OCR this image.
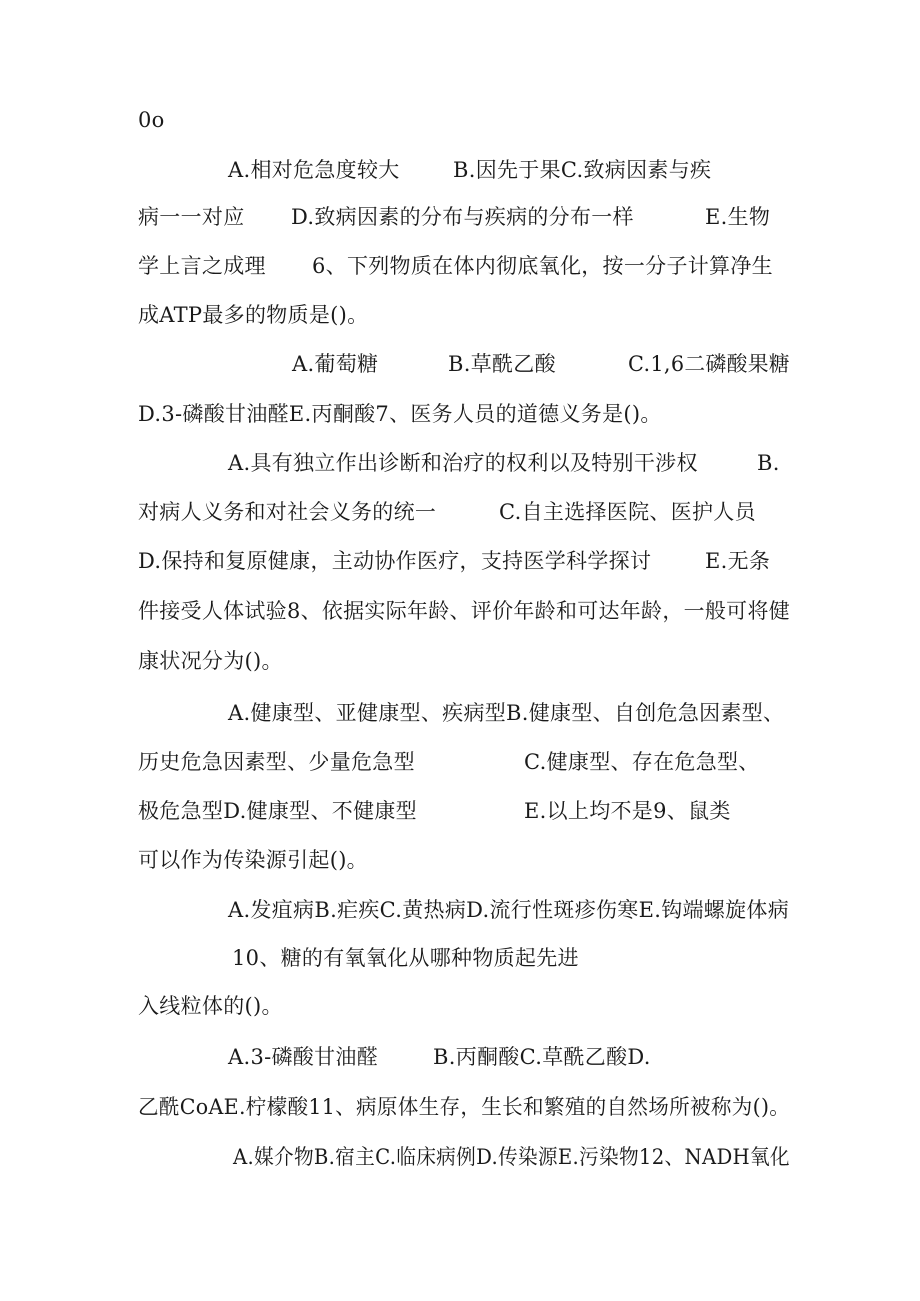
0o

A.相对危急度较大

	B.因先于果C.致病因素与疾

病一一对应

D.致病因素的分布与疾病的分布一样

	E.生物

学上言之成理

6、下列物质在体内彻底氧化，按一分子计算净生

成ATP最多的物质是()。

A.葡萄糖

	B.草酰乙酸

	C.1,6二磷酸果糖

D.3-磷酸甘油醛E.丙酮酸7、医务人员的道德义务是()。

A.具有独立作出诊断和治疗的权利以及特别干涉权

	B.

对病人义务和对社会义务的统一

	C.自主选择医院、医护人员

D.保持和复原健康，主动协作医疗，支持医学科学探讨

	E.无条

件接受人体试验8、依据实际年龄、评价年龄和可达年龄，一般可将健

康状况分为()。

A.健康型、亚健康型、疾病型B.健康型、自创危急因素型、

历史危急因素型、少量危急型

	C.健康型、存在危急型、

极危急型D.健康型、不健康型

	E.以上均不是9、鼠类

可以作为传染源引起()。

A.发疽病B.疟疾C.黄热病D.流行性斑疹伤寒E.钩端螺旋体病

10、糖的有氧氧化从哪种物质起先进

入线粒体的()。

A.3-磷酸甘油醛

	B.丙酮酸C.草酰乙酸D.

乙酰CoAE.柠檬酸11、病原体生存，生长和繁殖的自然场所被称为()。

A.媒介物B.宿主C.临床病例D.传染源E.污染物12、NADH氧化
